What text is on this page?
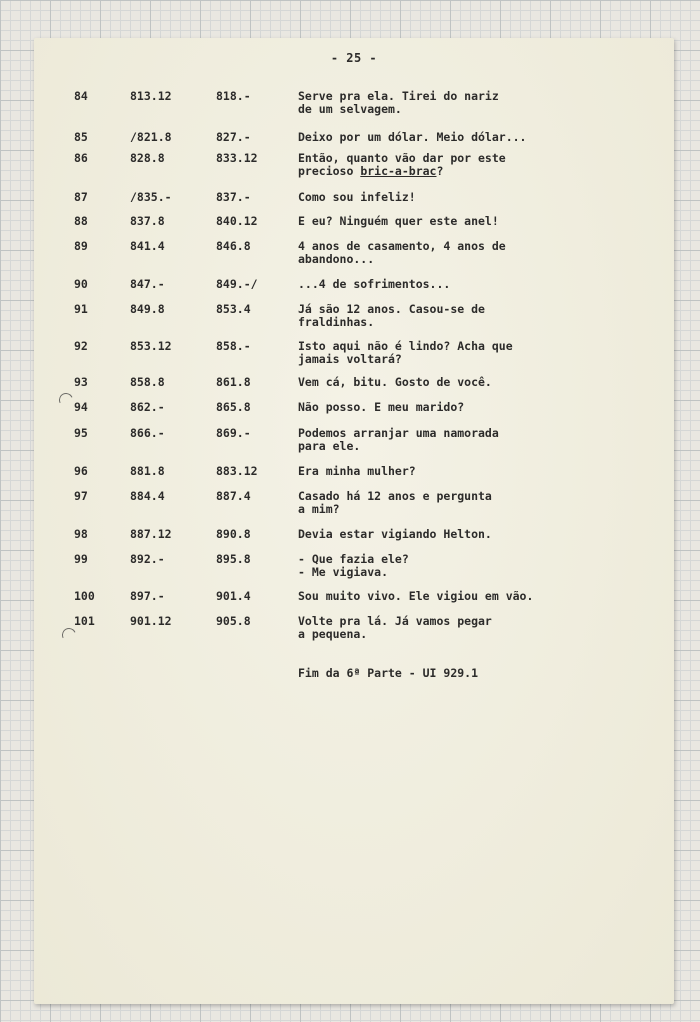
- 25 -
84	813.12	818.-	Serve pra ela. Tirei do nariz
de um selvagem.
85	/821.8	827.-	Deixo por um dólar. Meio dólar...
86	828.8	833.12	Então, quanto vão dar por este
precioso bric-a-brac?
87	/835.-	837.-	Como sou infeliz!
88	837.8	840.12	E eu? Ninguém quer este anel!
89	841.4	846.8	4 anos de casamento, 4 anos de
abandono...
90	847.-	849.-/	...4 de sofrimentos...
91	849.8	853.4	Já são 12 anos. Casou-se de
fraldinhas.
92	853.12	858.-	Isto aqui não é lindo? Acha que
jamais voltará?
93	858.8	861.8	Vem cá, bitu. Gosto de você.
94	862.-	865.8	Não posso. E meu marido?
95	866.-	869.-	Podemos arranjar uma namorada
para ele.
96	881.8	883.12	Era minha mulher?
97	884.4	887.4	Casado há 12 anos e pergunta
a mim?
98	887.12	890.8	Devia estar vigiando Helton.
99	892.-	895.8	- Que fazia ele?
- Me vigiava.
100	897.-	901.4	Sou muito vivo. Ele vigiou em vão.
101	901.12	905.8	Volte pra lá. Já vamos pegar
a pequena.
Fim da 6ª Parte - UI 929.1
